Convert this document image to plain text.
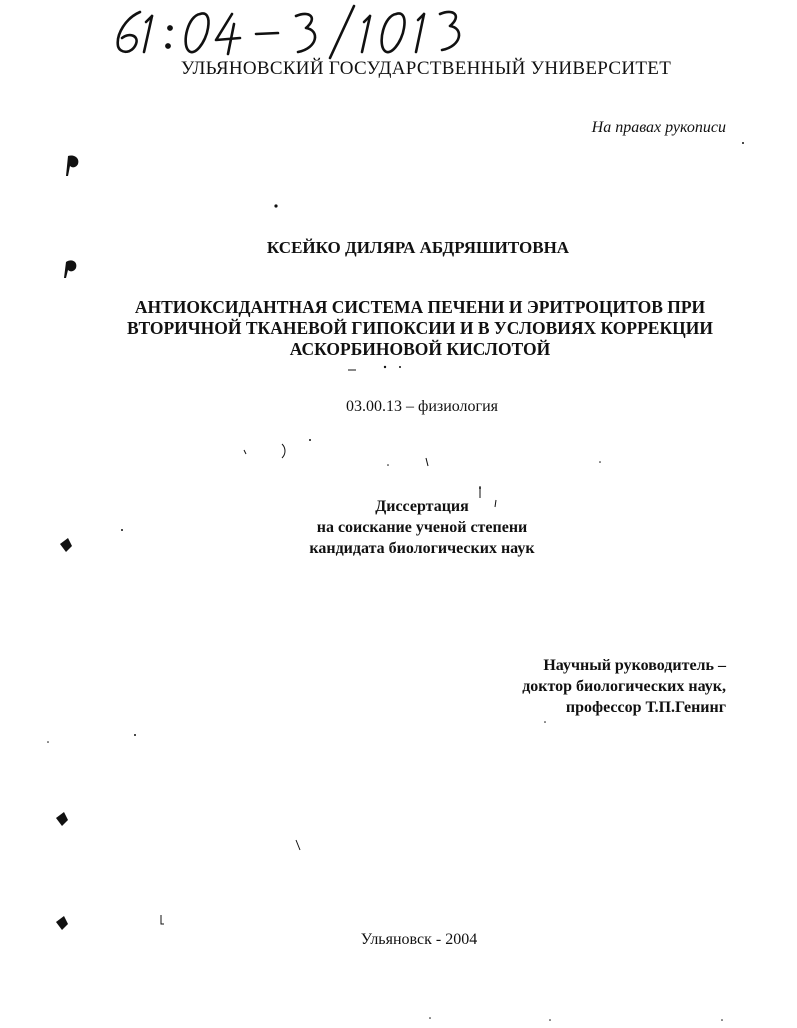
УЛЬЯНОВСКИЙ ГОСУДАРСТВЕННЫЙ УНИВЕРСИТЕТ
На правах рукописи
КСЕЙКО ДИЛЯРА АБДРЯШИТОВНА
АНТИОКСИДАНТНАЯ СИСТЕМА ПЕЧЕНИ И ЭРИТРОЦИТОВ ПРИ
ВТОРИЧНОЙ ТКАНЕВОЙ ГИПОКСИИ И В УСЛОВИЯХ КОРРЕКЦИИ
АСКОРБИНОВОЙ КИСЛОТОЙ
03.00.13 – физиология
Диссертация
на соискание ученой степени
кандидата биологических наук
Научный руководитель –
доктор биологических наук,
профессор Т.П.Генинг
Ульяновск - 2004
